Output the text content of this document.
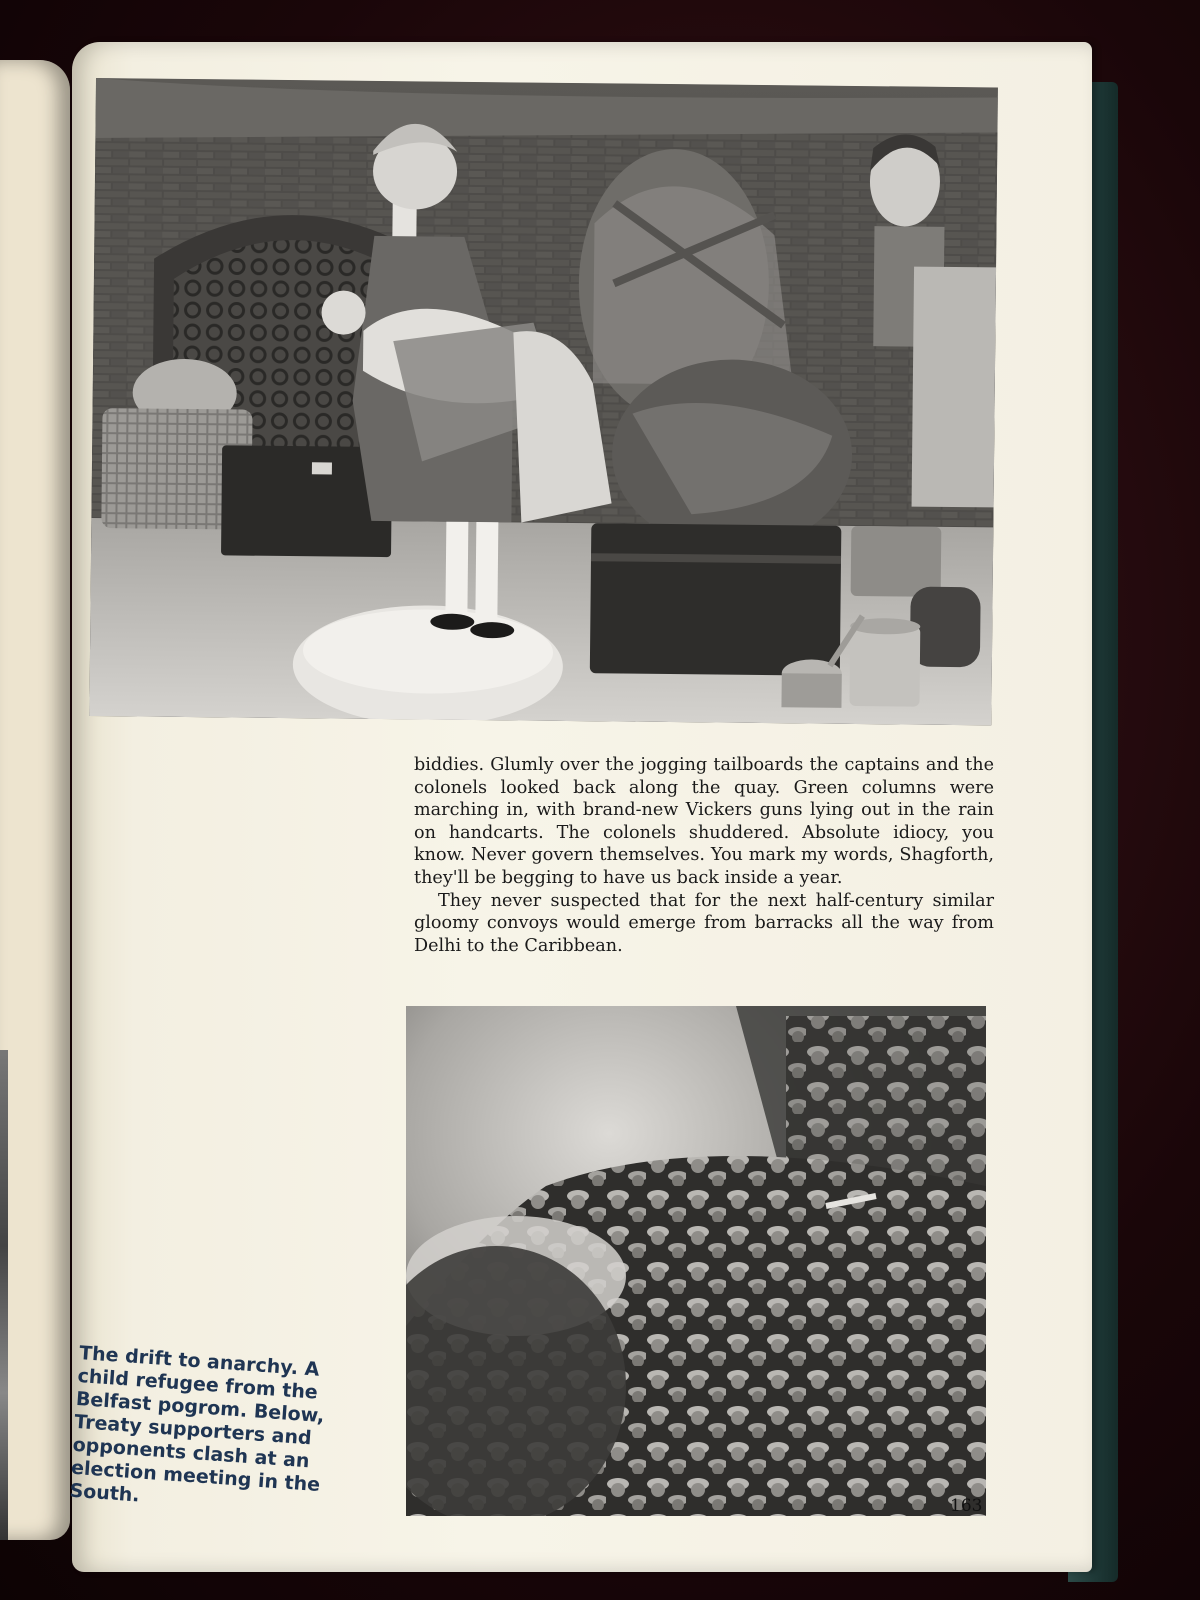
biddies. Glumly over the jogging tailboards the captains and the colonels looked back along the quay. Green columns were marching in, with brand-new Vickers guns lying out in the rain on handcarts. The colonels shuddered. Absolute idiocy, you know. Never govern themselves. You mark my words, Shagforth, they'll be begging to have us back inside a year.

They never suspected that for the next half-century similar gloomy convoys would emerge from barracks all the way from Delhi to the Caribbean.

The drift to anarchy. A child refugee from the Belfast pogrom. Below, Treaty supporters and opponents clash at an election meeting in the South.	163
